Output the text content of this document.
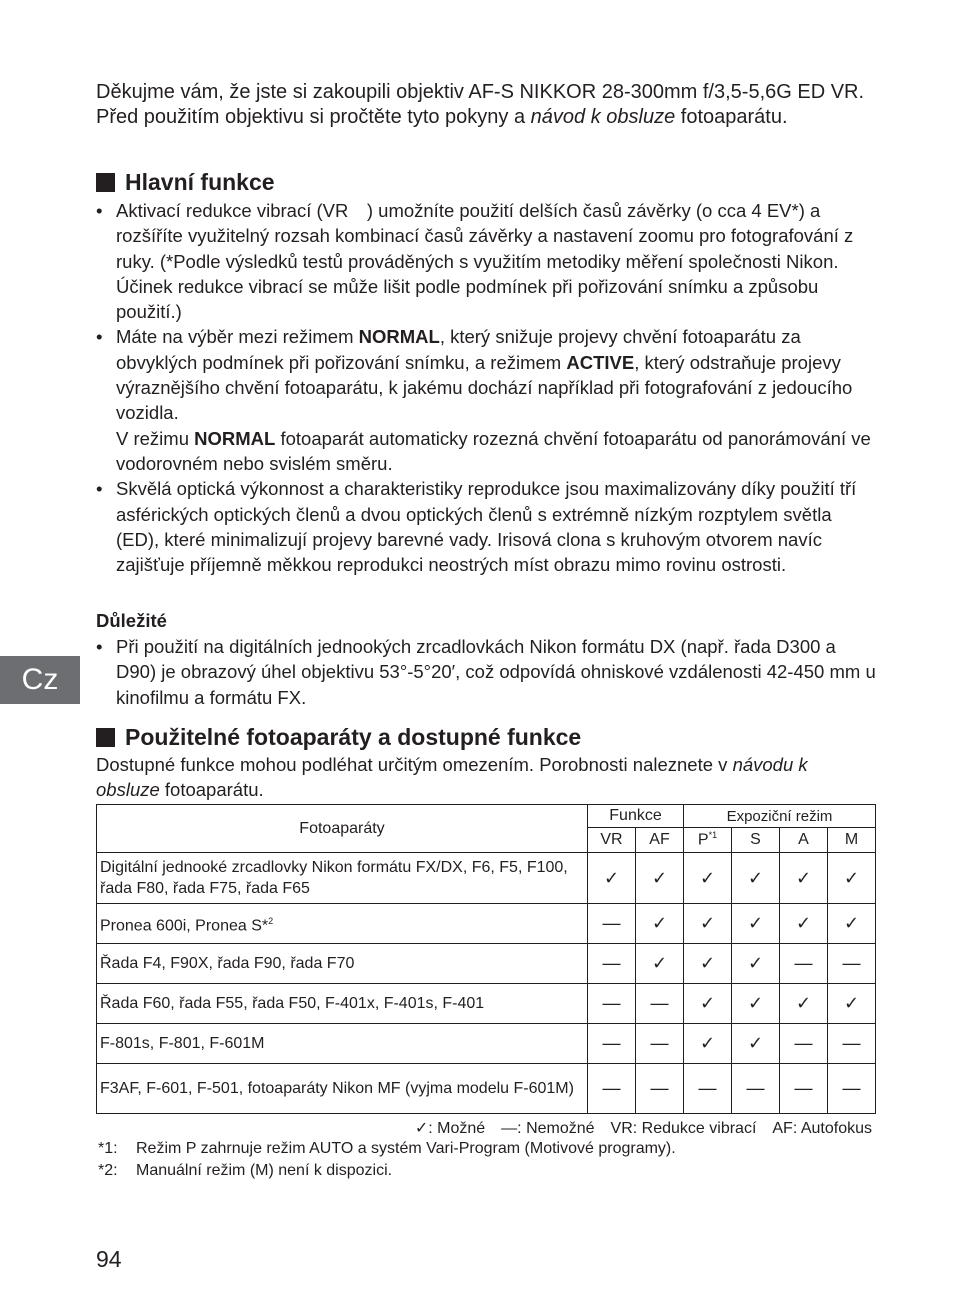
Děkujme vám, že jste si zakoupili objektiv AF-S NIKKOR 28-300mm f/3,5-5,6G ED VR. Před použitím objektivu si pročtěte tyto pokyny a návod k obsluze fotoaparátu.
Hlavní funkce
• Aktivací redukce vibrací (VR ) umožníte použití delších časů závěrky (o cca 4 EV*) a rozšíříte využitelný rozsah kombinací časů závěrky a nastavení zoomu pro fotografování z ruky. (*Podle výsledků testů prováděných s využitím metodiky měření společnosti Nikon. Účinek redukce vibrací se může lišit podle podmínek při pořizování snímku a způsobu použití.)
• Máte na výběr mezi režimem NORMAL, který snižuje projevy chvění fotoaparátu za obvyklých podmínek při pořizování snímku, a režimem ACTIVE, který odstraňuje projevy výraznějšího chvění fotoaparátu, k jakému dochází například při fotografování z jedoucího vozidla.
V režimu NORMAL fotoaparát automaticky rozezná chvění fotoaparátu od panorámování ve vodorovném nebo svislém směru.
• Skvělá optická výkonnost a charakteristiky reprodukce jsou maximalizovány díky použití tří asférických optických členů a dvou optických členů s extrémně nízkým rozptylem světla (ED), které minimalizují projevy barevné vady. Irisová clona s kruhovým otvorem navíc zajišťuje příjemně měkkou reprodukci neostrých míst obrazu mimo rovinu ostrosti.
Důležité
• Při použití na digitálních jednookých zrcadlovkách Nikon formátu DX (např. řada D300 a D90) je obrazový úhel objektivu 53°-5°20′, což odpovídá ohniskové vzdálenosti 42-450 mm u kinofilmu a formátu FX.
Cz
Použitelné fotoaparáty a dostupné funkce
Dostupné funkce mohou podléhat určitým omezením. Porobnosti naleznete v návodu k obsluze fotoaparátu.
Fotoaparáty	Funkce		Expoziční režim			
	VR	AF	$P^{*1}$	S	A	M
Digitální jednooké zrcadlovky Nikon formátu FX/DX, F6, F5, F100, řada F80, řada F75, řada F65	✓	✓	✓	✓	✓	✓
Pronea 600i, Pronea S*$^2$	—	✓	✓	✓	✓	✓
Řada F4, F90X, řada F90, řada F70	—	✓	✓	✓	—	—
Řada F60, řada F55, řada F50, F-401x, F-401s, F-401	—	—	✓	✓	✓	✓
F-801s, F-801, F-601M	—	—	✓	✓	—	—
F3AF, F-601, F-501, fotoaparáty Nikon MF (vyjma modelu F-601M)	—	—	—	—	—	—
✓: Možné —: Nemožné VR: Redukce vibrací AF: Autofokus
*1: Režim P zahrnuje režim AUTO a systém Vari-Program (Motivové programy).
*2: Manuální režim (M) není k dispozici.
94
